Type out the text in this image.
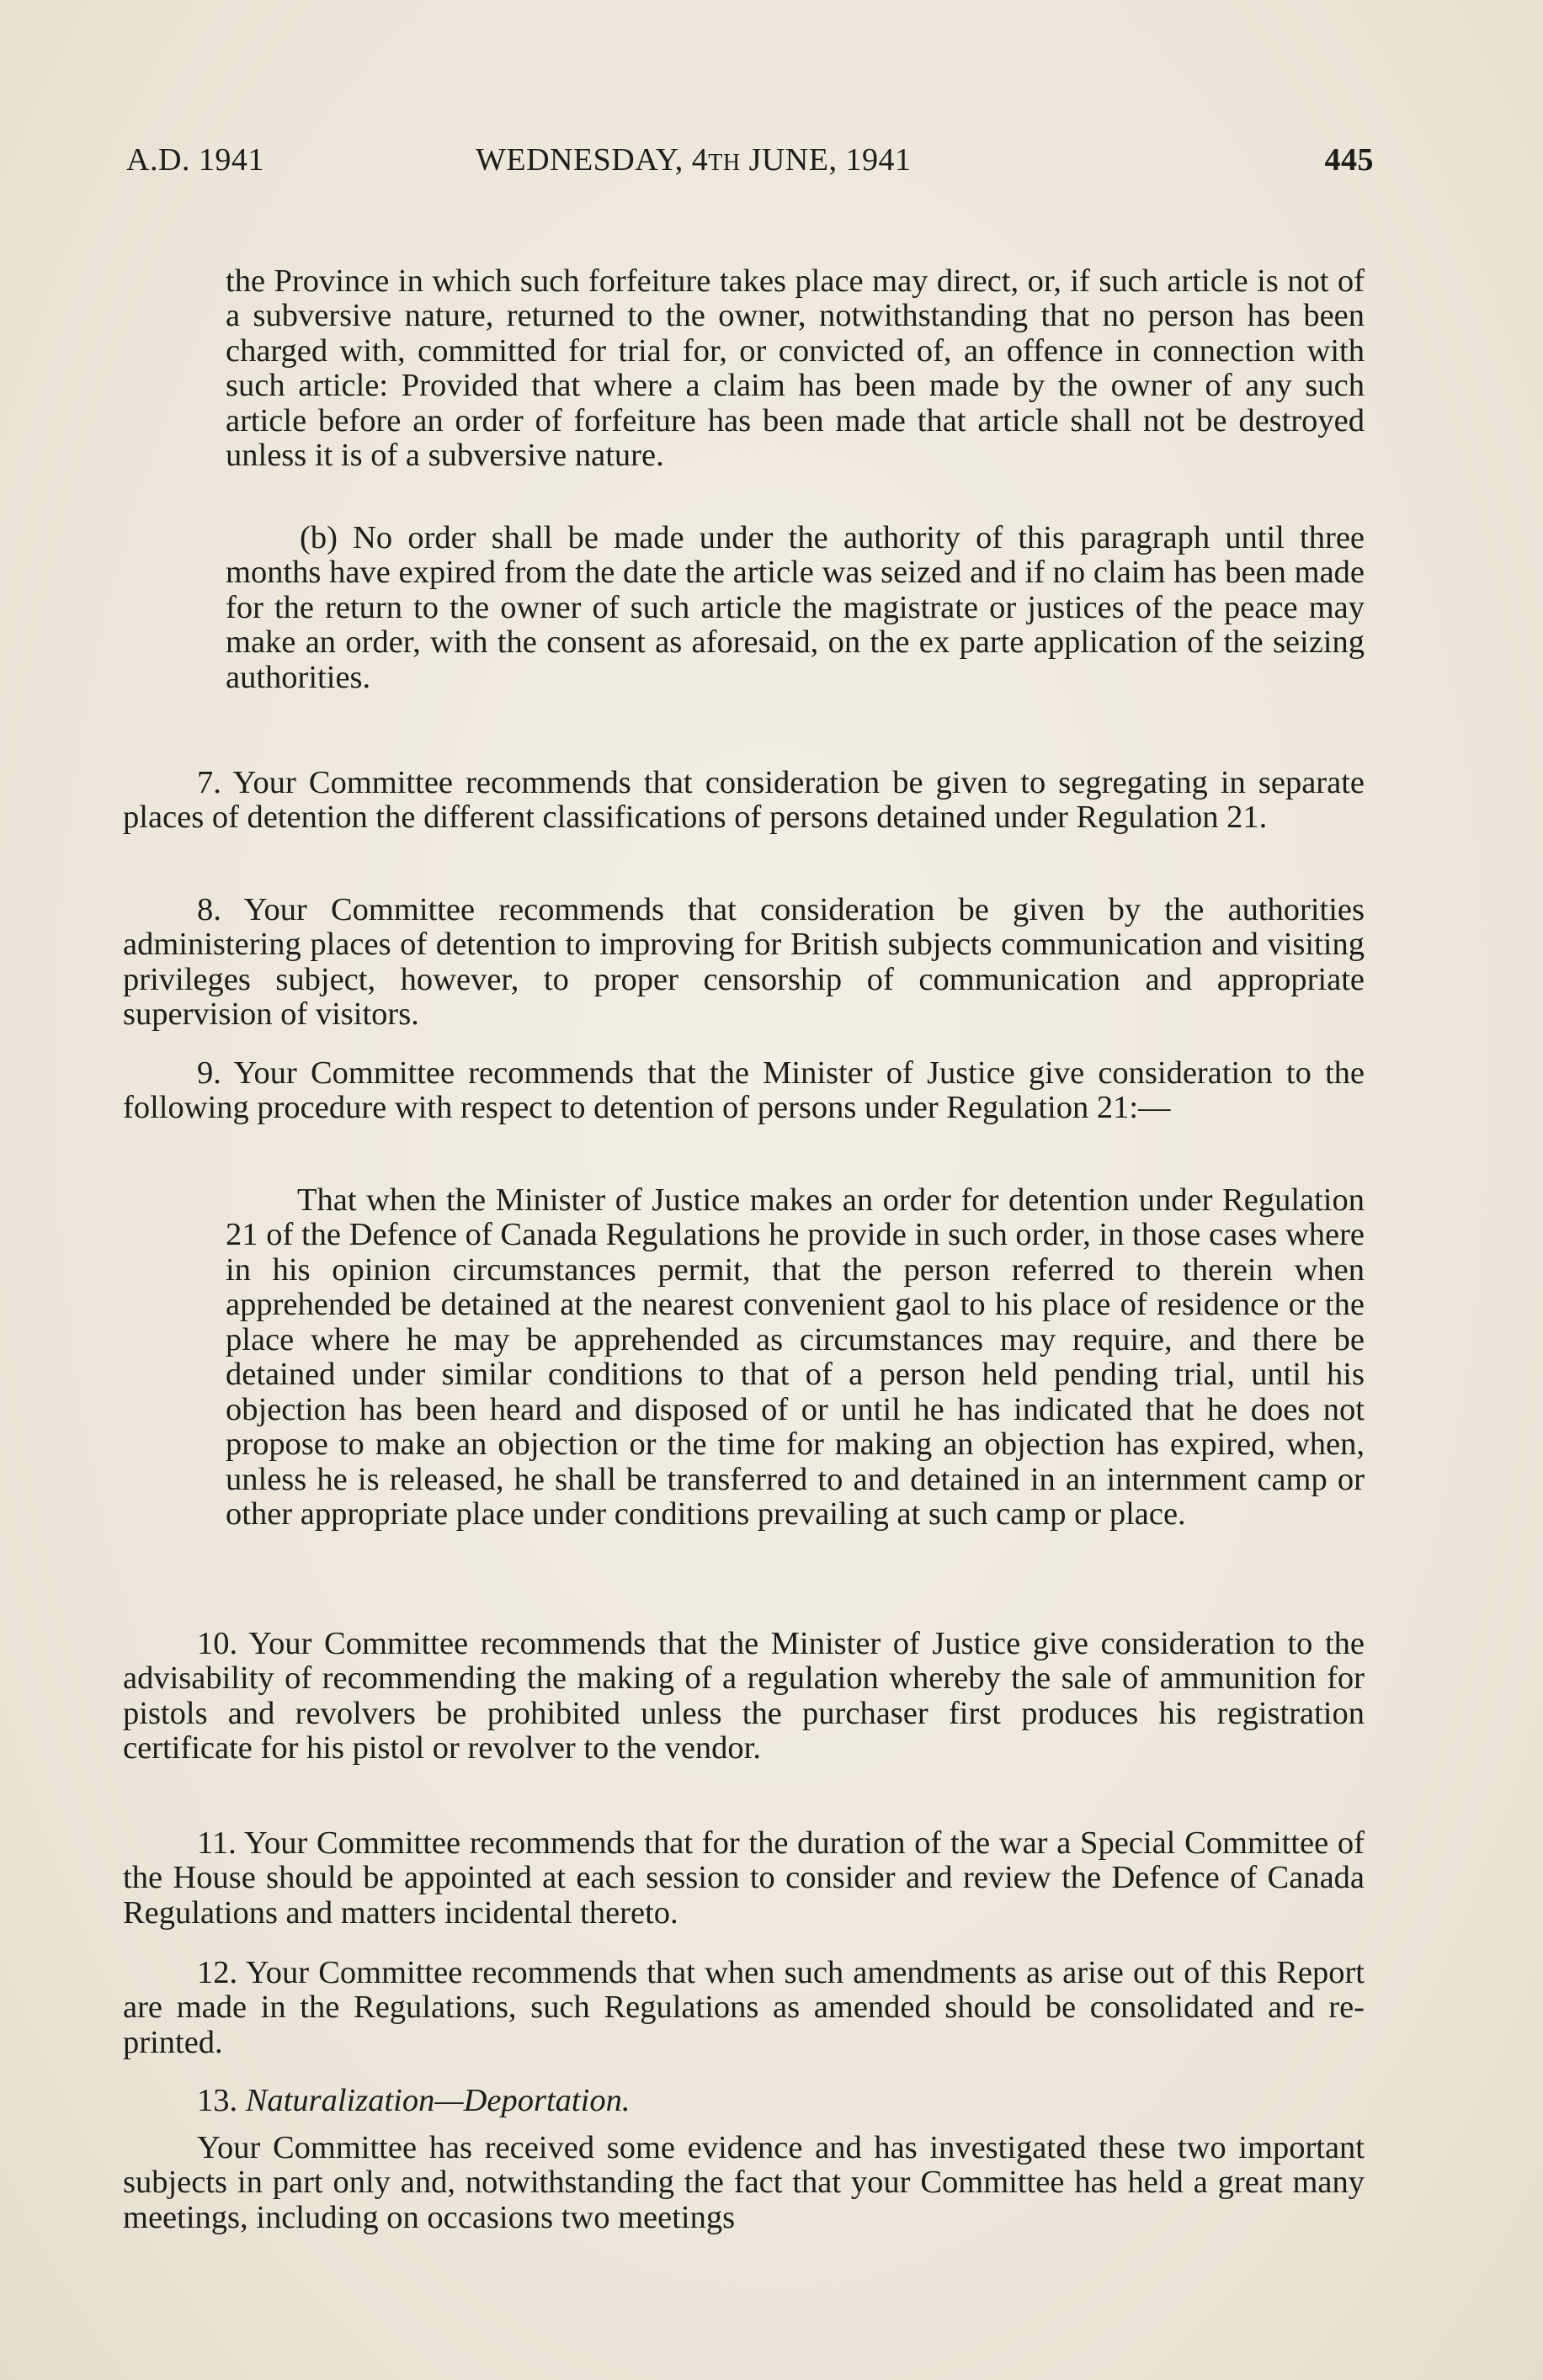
A.D. 1941	WEDNESDAY, 4TH JUNE, 1941	445

the Province in which such forfeiture takes place may direct, or, if such article is not of a subversive nature, returned to the owner, notwithstanding that no person has been charged with, committed for trial for, or convicted of, an offence in connection with such article: Provided that where a claim has been made by the owner of any such article before an order of forfeiture has been made that article shall not be destroyed unless it is of a subversive nature.

(b) No order shall be made under the authority of this paragraph until three months have expired from the date the article was seized and if no claim has been made for the return to the owner of such article the magistrate or justices of the peace may make an order, with the consent as aforesaid, on the ex parte application of the seizing authorities.

7. Your Committee recommends that consideration be given to segregating in separate places of detention the different classifications of persons detained under Regulation 21.

8. Your Committee recommends that consideration be given by the authorities administering places of detention to improving for British subjects communication and visiting privileges subject, however, to proper censorship of communication and appropriate supervision of visitors.

9. Your Committee recommends that the Minister of Justice give consideration to the following procedure with respect to detention of persons under Regulation 21:—

That when the Minister of Justice makes an order for detention under Regulation 21 of the Defence of Canada Regulations he provide in such order, in those cases where in his opinion circumstances permit, that the person referred to therein when apprehended be detained at the nearest convenient gaol to his place of residence or the place where he may be apprehended as circumstances may require, and there be detained under similar conditions to that of a person held pending trial, until his objection has been heard and disposed of or until he has indicated that he does not propose to make an objection or the time for making an objection has expired, when, unless he is released, he shall be transferred to and detained in an internment camp or other appropriate place under conditions prevailing at such camp or place.

10. Your Committee recommends that the Minister of Justice give consideration to the advisability of recommending the making of a regulation whereby the sale of ammunition for pistols and revolvers be prohibited unless the purchaser first produces his registration certificate for his pistol or revolver to the vendor.

11. Your Committee recommends that for the duration of the war a Special Committee of the House should be appointed at each session to consider and review the Defence of Canada Regulations and matters incidental thereto.

12. Your Committee recommends that when such amendments as arise out of this Report are made in the Regulations, such Regulations as amended should be consolidated and re-printed.

13. Naturalization—Deportation.

Your Committee has received some evidence and has investigated these two important subjects in part only and, notwithstanding the fact that your Committee has held a great many meetings, including on occasions two meetings
